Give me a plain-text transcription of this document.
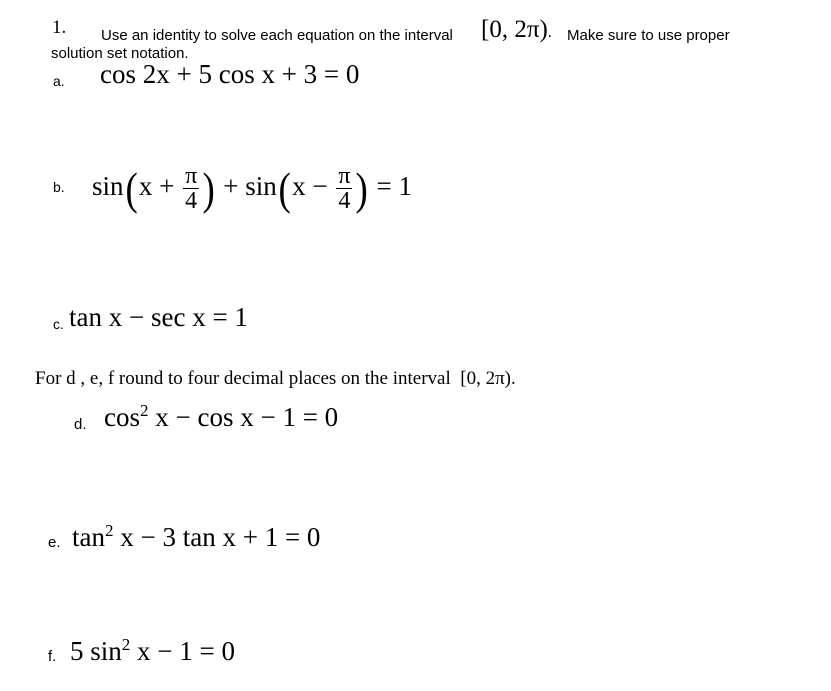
1. Use an identity to solve each equation on the interval [0, 2π). Make sure to use proper
solution set notation.
a. cos 2x + 5 cos x + 3 = 0
b. $\sin(x + \frac{\pi}{4}$ ) + $\sin(x - \frac{\pi}{4}$ ) = 1
c. tan x − sec x = 1
For d , e, f round to four decimal places on the interval [0, 2π).
d. $\cos^2 x - \cos x - 1 = 0$
e. $\tan^2 x - 3$ tan x + 1 = 0
f. 5 $\sin^2 x - 1 = 0$
